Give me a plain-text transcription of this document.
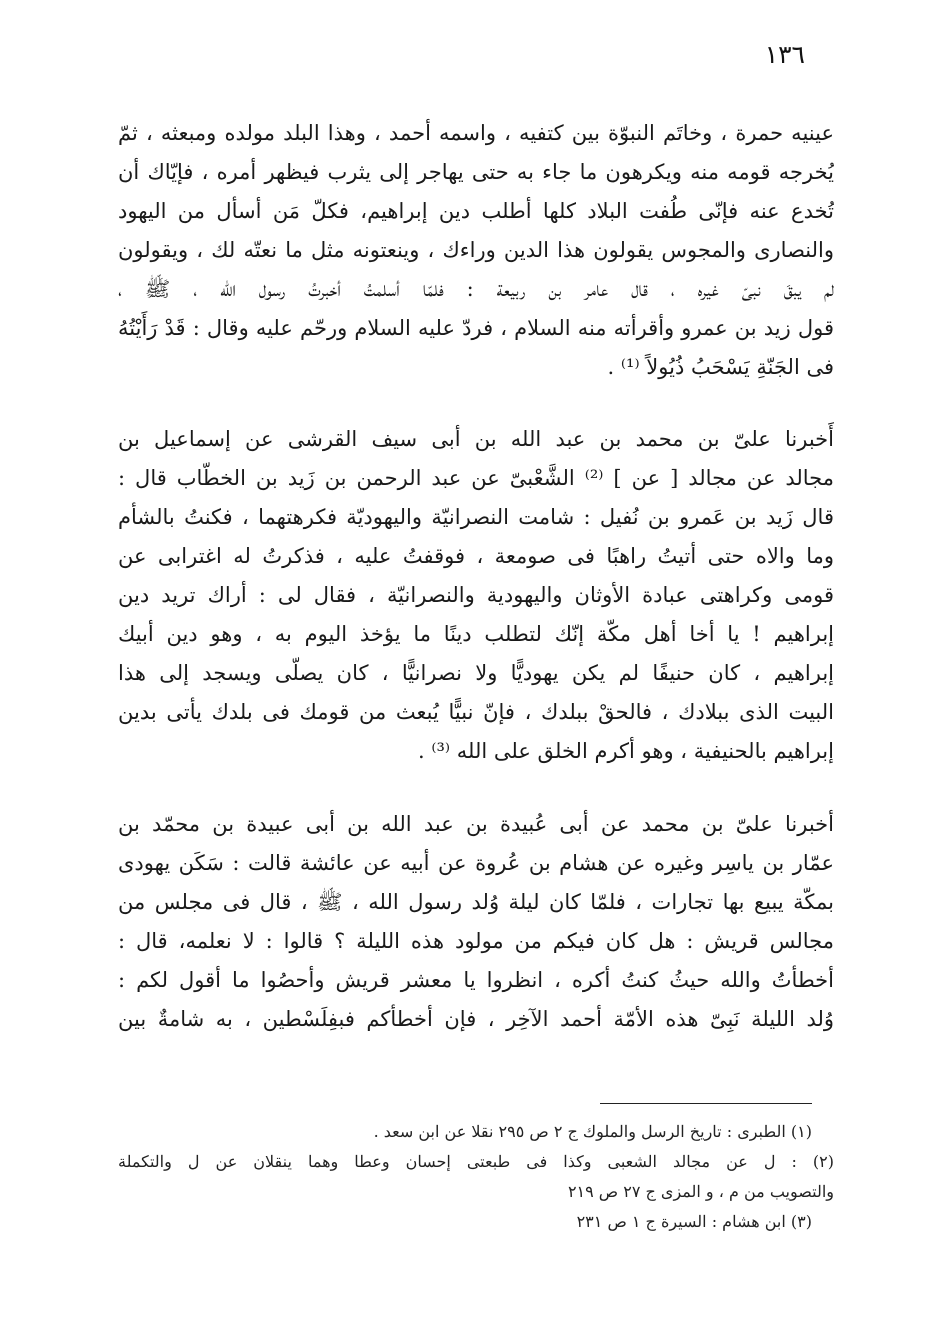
١٣٦
عينيه حمرة ، وخاتَم النبوّة بين كتفيه ، واسمه أحمد ، وهذا البلد مولده ومبعثه ، ثمّ
يُخرجه قومه منه ويكرهون ما جاء به حتى يهاجر إلى يثرب فيظهر أمره ، فإيّاك أن
تُخدع عنه فإنّى طُفت البلاد كلها أطلب دين إبراهيم، فكلّ مَن أسأل من اليهود
والنصارى والمجوس يقولون هذا الدين وراءك ، وينعتونه مثل ما نعتّه لك ، ويقولون
لم يبقَ نبىّ غيره ، قال عامر بن ربيعة : فلمّا أسلمتُ أخبرتُ رسول الله ، ﷺ ،
قول زيد بن عمرو وأقرأته منه السلام ، فردّ عليه السلام ورحّم عليه وقال : قَدْ رَأَيْتُهُ
فى الجَنّةِ يَسْحَبُ ذُيُولاً ⁽¹⁾ .
أَخبرنا علىّ بن محمد بن عبد الله بن أبى سيف القرشى عن إسماعيل بن
مجالد عن مجالد [ عن ] ⁽²⁾ الشَّعْبىّ عن عبد الرحمن بن زَيد بن الخطّاب قال :
قال زَيد بن عَمرو بن نُفيل : شامت النصرانيّة واليهوديّة فكرهتهما ، فكنتُ بالشأم
وما والاه حتى أتيتُ راهبًا فى صومعة ، فوقفتُ عليه ، فذكرتُ له اغترابى عن
قومى وكراهتى عبادة الأوثان واليهودية والنصرانيّة ، فقال لى : أراك تريد دين
إبراهيم ! يا أخا أهل مكّة إنّك لتطلب دينًا ما يؤخذ اليوم به ، وهو دين أبيك
إبراهيم ، كان حنيفًا لم يكن يهوديًّا ولا نصرانيًّا ، كان يصلّى ويسجد إلى هذا
البيت الذى ببلادك ، فالحقْ ببلدك ، فإنّ نبيًّا يُبعث من قومك فى بلدك يأتى بدين
إبراهيم بالحنيفية ، وهو أكرم الخلق على الله ⁽³⁾ .
أخبرنا علىّ بن محمد عن أبى عُبيدة بن عبد الله بن أبى عبيدة بن محمّد بن
عمّار بن ياسِر وغيره عن هشام بن عُروة عن أبيه عن عائشة قالت : سَكَن يهودى
بمكّة يبيع بها تجارات ، فلمّا كان ليلة وُلد رسول الله ، ﷺ ، قال فى مجلس من
مجالس قريش : هل كان فيكم من مولود هذه الليلة ؟ قالوا : لا نعلمه، قال :
أخطأتُ والله حيثُ كنتُ أكره ، انظروا يا معشر قريش وأحصُوا ما أقول لكم :
وُلد الليلة نَبِىّ هذه الأمّة أحمد الآخِر ، فإن أخطأكم فبفِلَسْطين ، به شامةٌ بين
(١) الطبرى : تاريخ الرسل والملوك ج ٢ ص ٢٩٥ نقلا عن ابن سعد .
(٢) : ل عن مجالد الشعبى وكذا فى طبعتى إحسان وعطا وهما ينقلان عن ل والتكملة
والتصويب من م ، و المزى ج ٢٧ ص ٢١٩
(٣) ابن هشام : السيرة ج ١ ص ٢٣١
